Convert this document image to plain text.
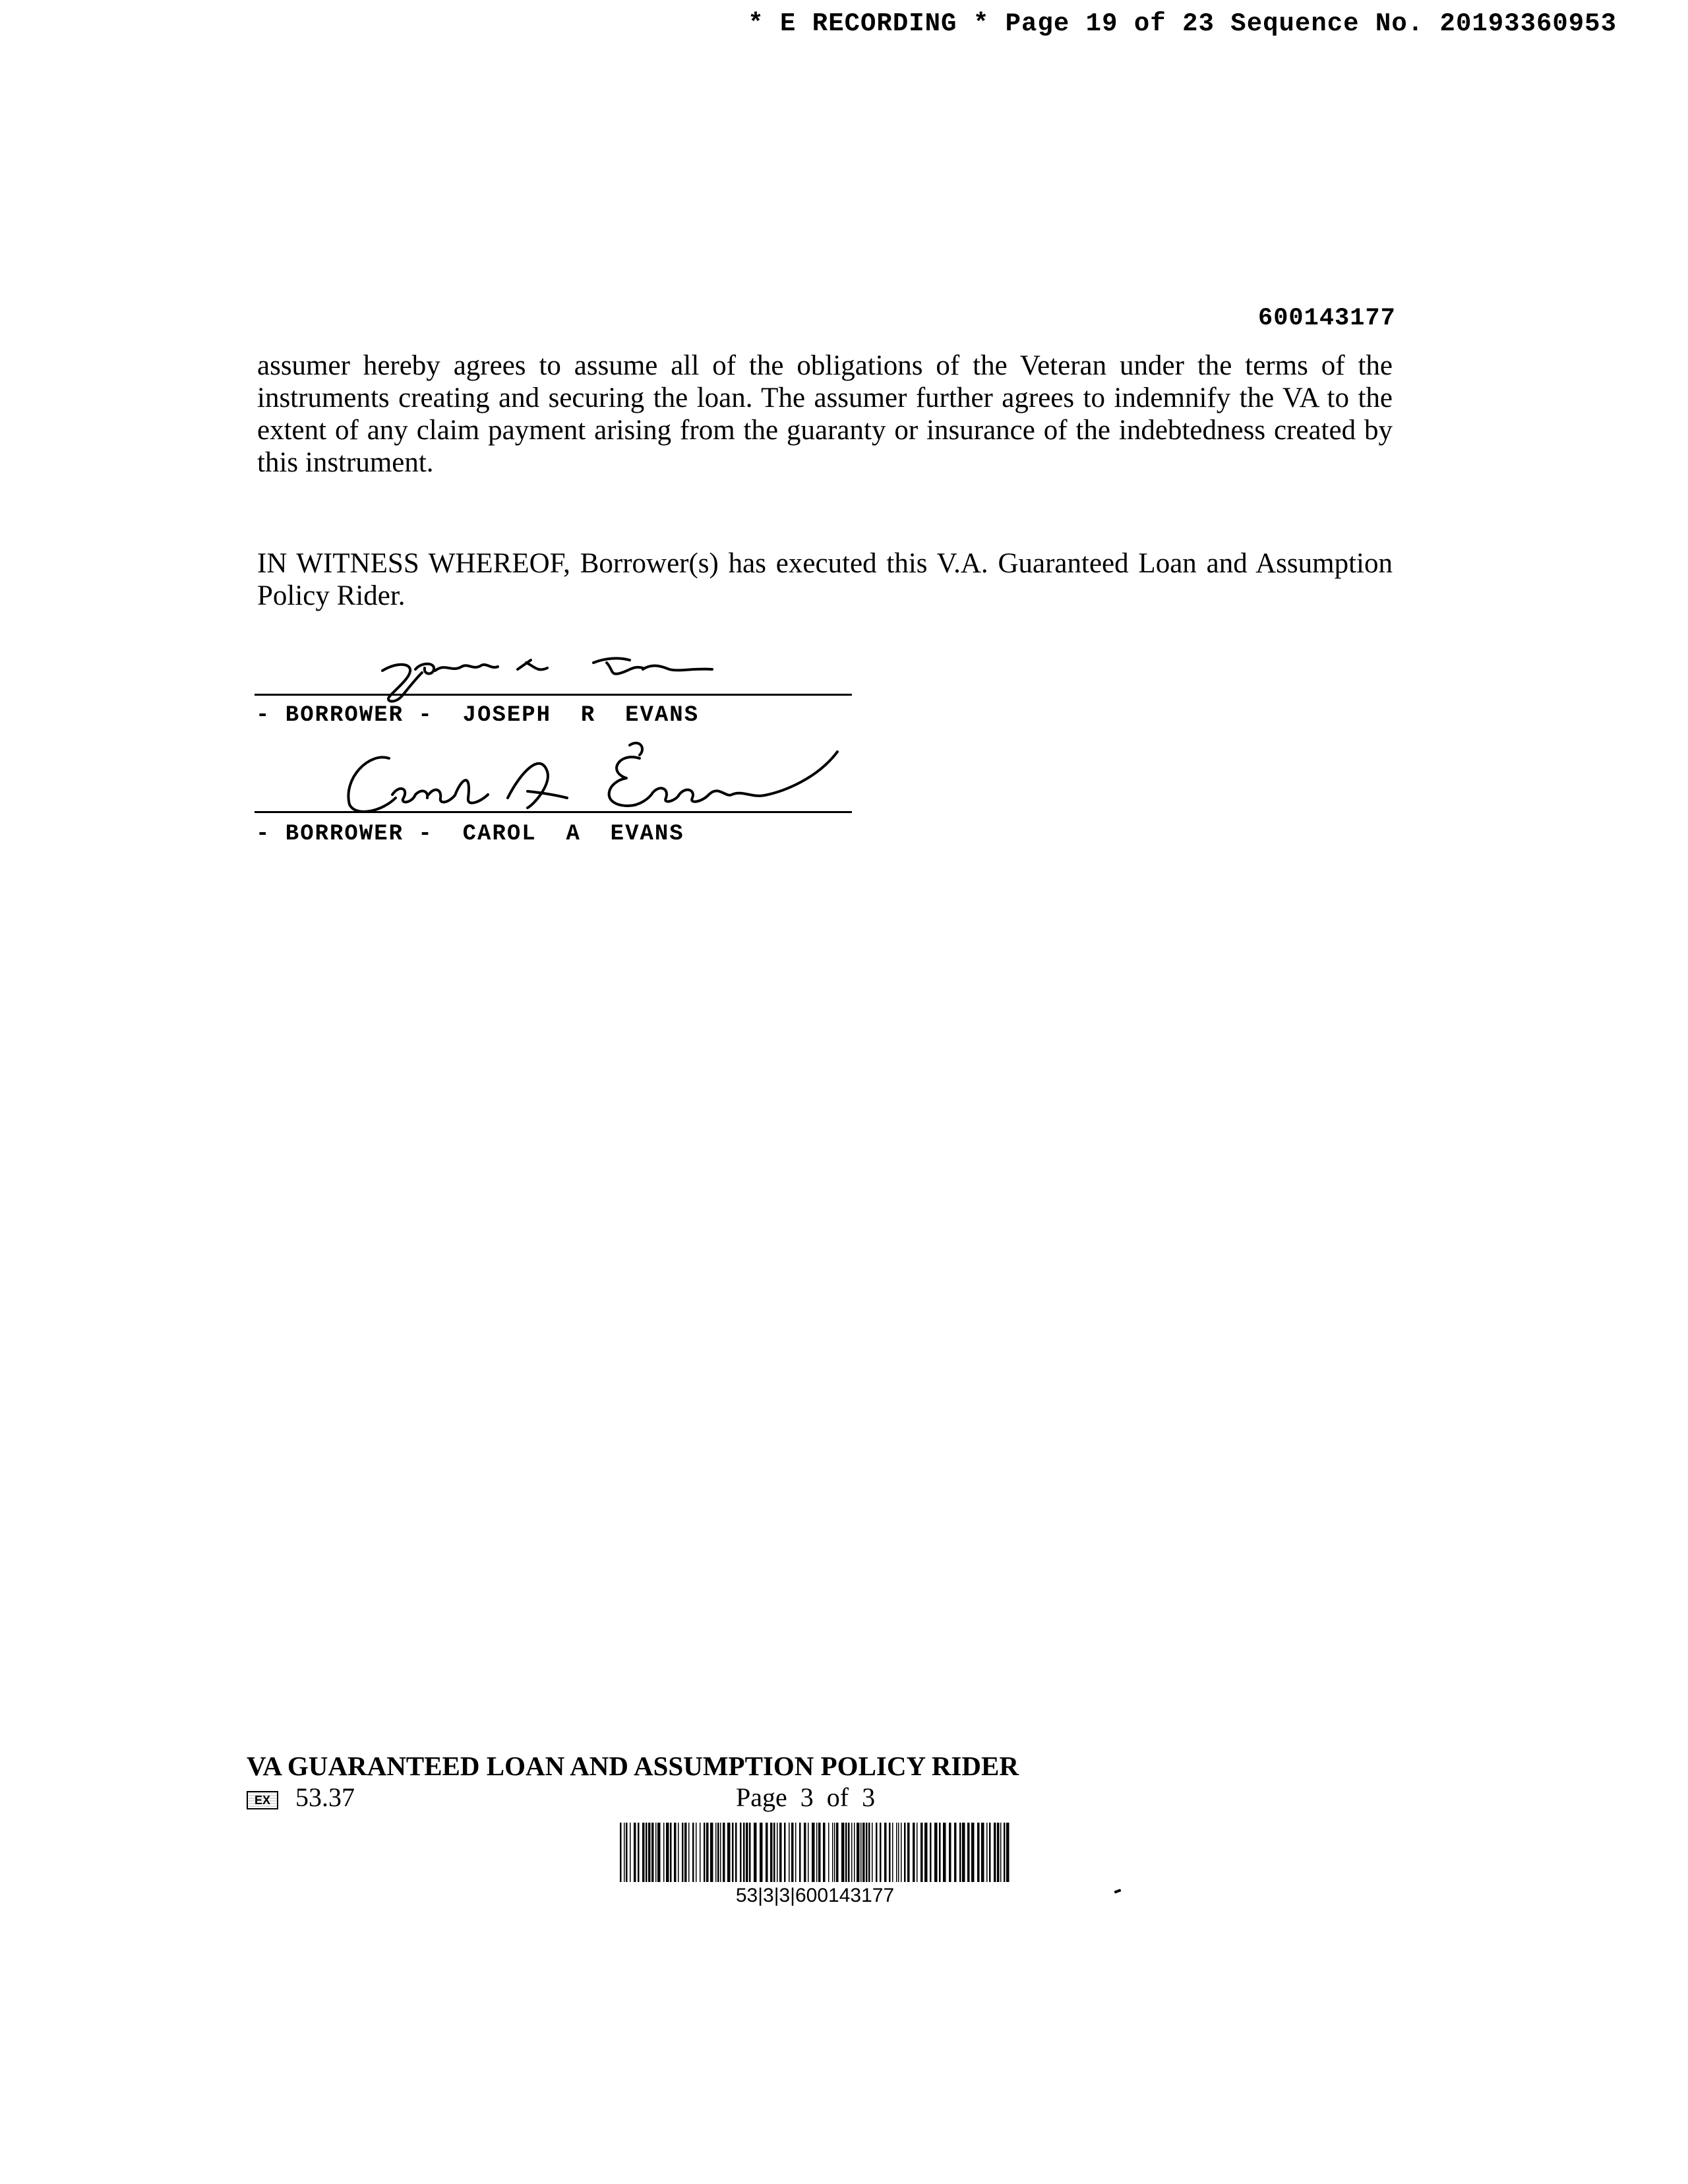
* E RECORDING * Page 19 of 23 Sequence No. 20193360953
600143177

assumer hereby agrees to assume all of the obligations of the Veteran under the terms of the instruments creating and securing the loan. The assumer further agrees to indemnify the VA to the extent of any claim payment arising from the guaranty or insurance of the indebtedness created by this instrument.

IN WITNESS WHEREOF, Borrower(s) has executed this V.A. Guaranteed Loan and Assumption Policy Rider.

- BORROWER -  JOSEPH  R  EVANS
- BORROWER -  CAROL  A  EVANS
VA GUARANTEED LOAN AND ASSUMPTION POLICY RIDER
EX 53.37	Page  3  of  3
53|3|3|600143177
